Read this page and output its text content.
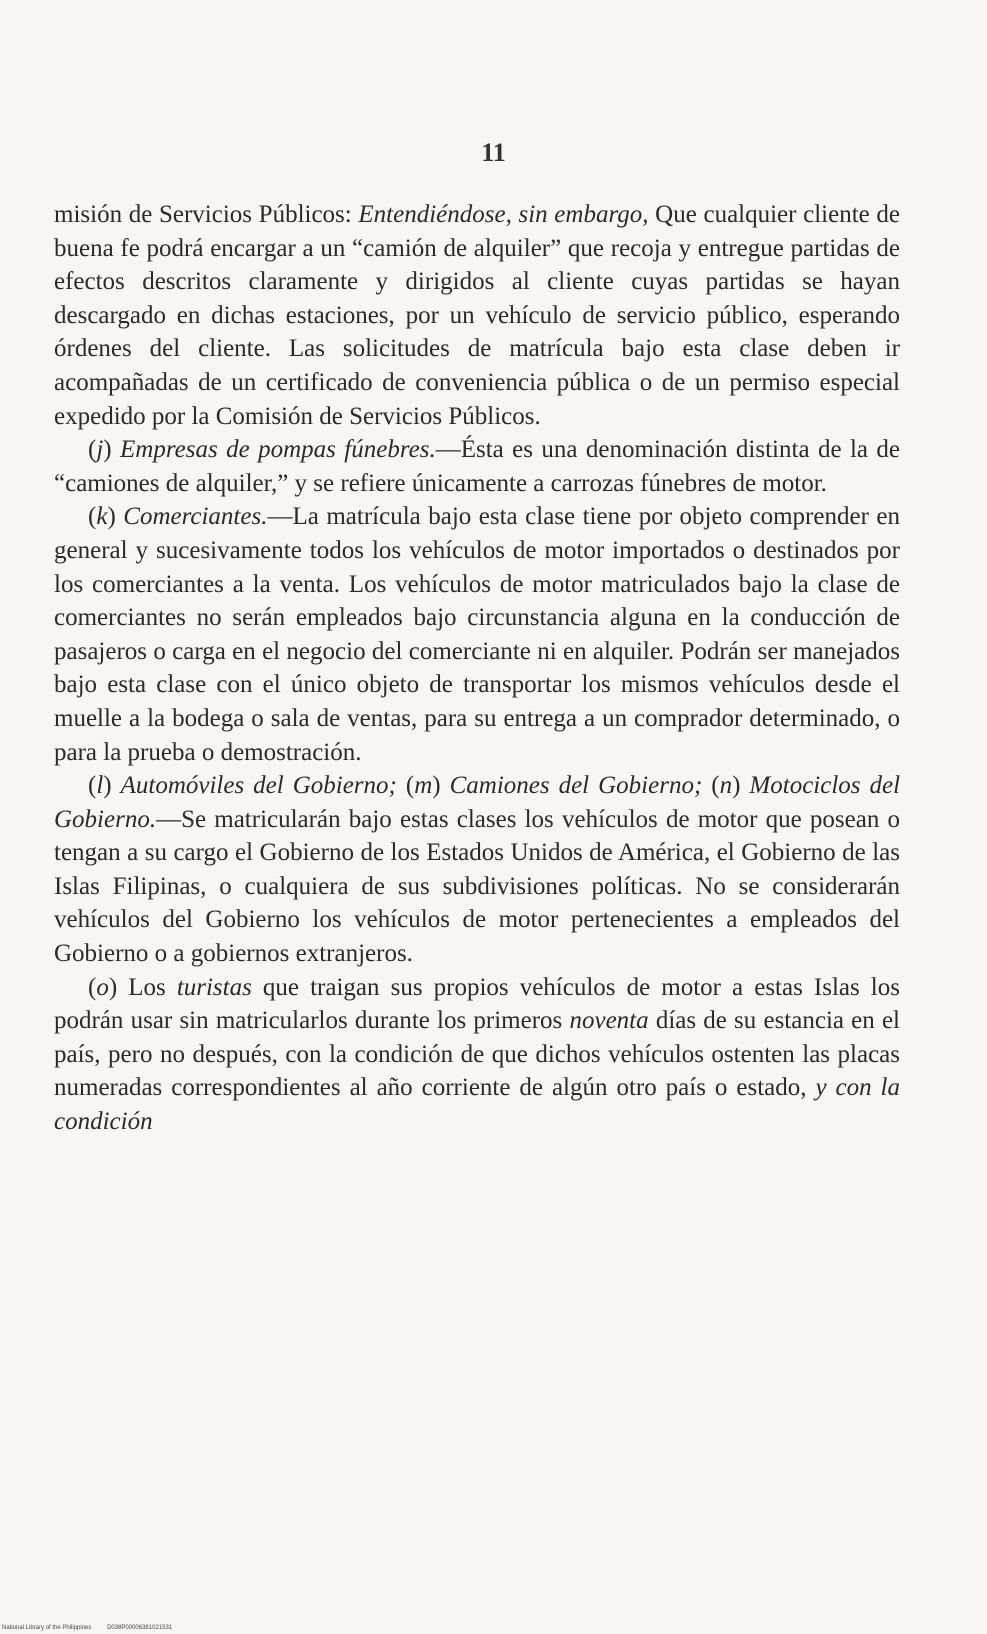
11

misión de Servicios Públicos: Entendiéndose, sin embargo, Que cualquier cliente de buena fe podrá encargar a un “camión de alquiler” que recoja y entregue partidas de efectos descritos claramente y dirigidos al cliente cuyas partidas se hayan descargado en dichas estaciones, por un vehículo de servicio público, esperando órdenes del cliente. Las solicitudes de matrícula bajo esta clase deben ir acompañadas de un certificado de conveniencia pública o de un permiso especial expedido por la Comisión de Servicios Públicos.

(j) Empresas de pompas fúnebres.—Ésta es una denominación distinta de la de “camiones de alquiler,” y se refiere únicamente a carrozas fúnebres de motor.

(k) Comerciantes.—La matrícula bajo esta clase tiene por objeto comprender en general y sucesivamente todos los vehículos de motor importados o destinados por los comerciantes a la venta. Los vehículos de motor matriculados bajo la clase de comerciantes no serán empleados bajo circunstancia alguna en la conducción de pasajeros o carga en el negocio del comerciante ni en alquiler. Podrán ser manejados bajo esta clase con el único objeto de transportar los mismos vehículos desde el muelle a la bodega o sala de ventas, para su entrega a un comprador determinado, o para la prueba o demostración.

(l) Automóviles del Gobierno; (m) Camiones del Gobierno; (n) Motociclos del Gobierno.—Se matricularán bajo estas clases los vehículos de motor que posean o tengan a su cargo el Gobierno de los Estados Unidos de América, el Gobierno de las Islas Filipinas, o cualquiera de sus subdivisiones políticas. No se considerarán vehículos del Gobierno los vehículos de motor pertenecientes a empleados del Gobierno o a gobiernos extranjeros.

(o) Los turistas que traigan sus propios vehículos de motor a estas Islas los podrán usar sin matricularlos durante los primeros noventa días de su estancia en el país, pero no después, con la condición de que dichos vehículos ostenten las placas numeradas correspondientes al año corriente de algún otro país o estado, y con la condición

National Library of the Philippines	D038P00006381021531
